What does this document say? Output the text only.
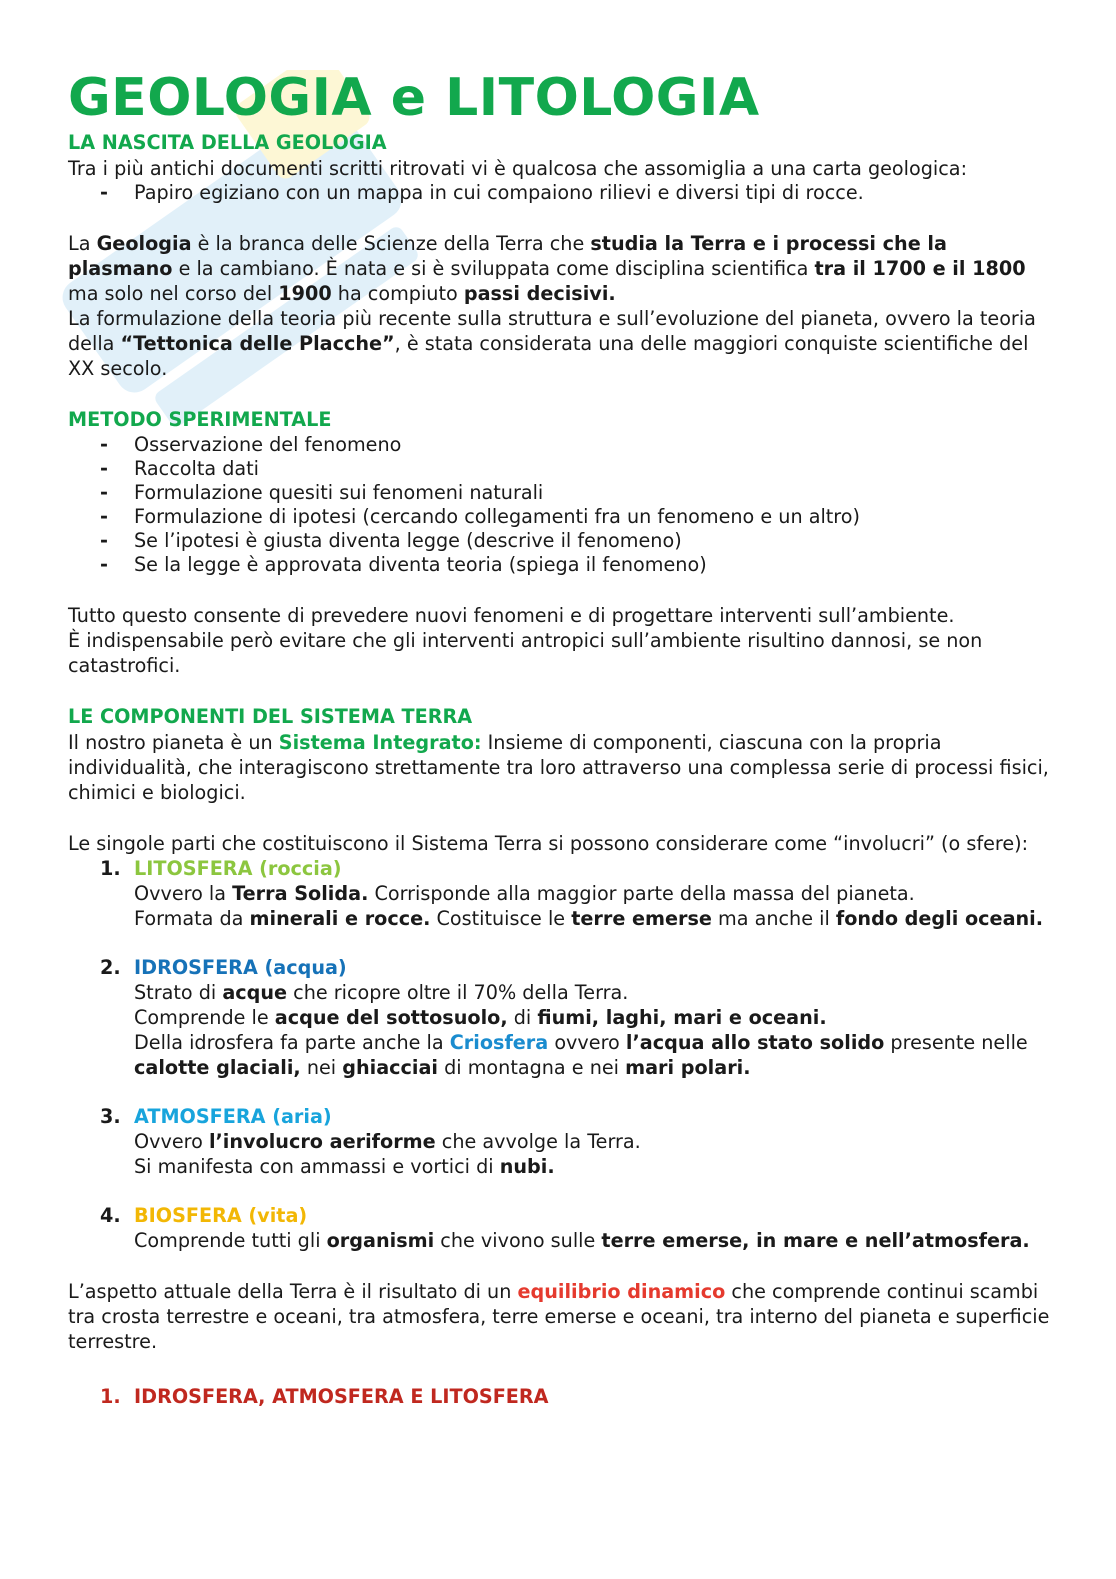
GEOLOGIA e LITOLOGIA
LA NASCITA DELLA GEOLOGIA

Tra i più antichi documenti scritti ritrovati vi è qualcosa che assomiglia a una carta geologica:

- Papiro egiziano con un mappa in cui compaiono rilievi e diversi tipi di rocce.

La Geologia è la branca delle Scienze della Terra che studia la Terra e i processi che la plasmano e la cambiano. È nata e si è sviluppata come disciplina scientifica tra il 1700 e il 1800 ma solo nel corso del 1900 ha compiuto passi decisivi.

La formulazione della teoria più recente sulla struttura e sull’evoluzione del pianeta, ovvero la teoria della “Tettonica delle Placche”, è stata considerata una delle maggiori conquiste scientifiche del XX secolo.

METODO SPERIMENTALE
- Osservazione del fenomeno
- Raccolta dati
- Formulazione quesiti sui fenomeni naturali
- Formulazione di ipotesi (cercando collegamenti fra un fenomeno e un altro)
- Se l’ipotesi è giusta diventa legge (descrive il fenomeno)
- Se la legge è approvata diventa teoria (spiega il fenomeno)

Tutto questo consente di prevedere nuovi fenomeni e di progettare interventi sull’ambiente.

È indispensabile però evitare che gli interventi antropici sull’ambiente risultino dannosi, se non catastrofici.

LE COMPONENTI DEL SISTEMA TERRA

Il nostro pianeta è un Sistema Integrato: Insieme di componenti, ciascuna con la propria individualità, che interagiscono strettamente tra loro attraverso una complessa serie di processi fisici, chimici e biologici.

Le singole parti che costituiscono il Sistema Terra si possono considerare come “involucri” (o sfere):

1. LITOSFERA (roccia)
Ovvero la Terra Solida. Corrisponde alla maggior parte della massa del pianeta.
Formata da minerali e rocce. Costituisce le terre emerse ma anche il fondo degli oceani.
2. IDROSFERA (acqua)
Strato di acque che ricopre oltre il 70% della Terra.
Comprende le acque del sottosuolo, di fiumi, laghi, mari e oceani.
Della idrosfera fa parte anche la Criosfera ovvero l’acqua allo stato solido presente nelle calotte glaciali, nei ghiacciai di montagna e nei mari polari.
3. ATMOSFERA (aria)
Ovvero l’involucro aeriforme che avvolge la Terra.
Si manifesta con ammassi e vortici di nubi.
4. BIOSFERA (vita)
Comprende tutti gli organismi che vivono sulle terre emerse, in mare e nell’atmosfera.

L’aspetto attuale della Terra è il risultato di un equilibrio dinamico che comprende continui scambi tra crosta terrestre e oceani, tra atmosfera, terre emerse e oceani, tra interno del pianeta e superficie terrestre.

1. IDROSFERA, ATMOSFERA E LITOSFERA
